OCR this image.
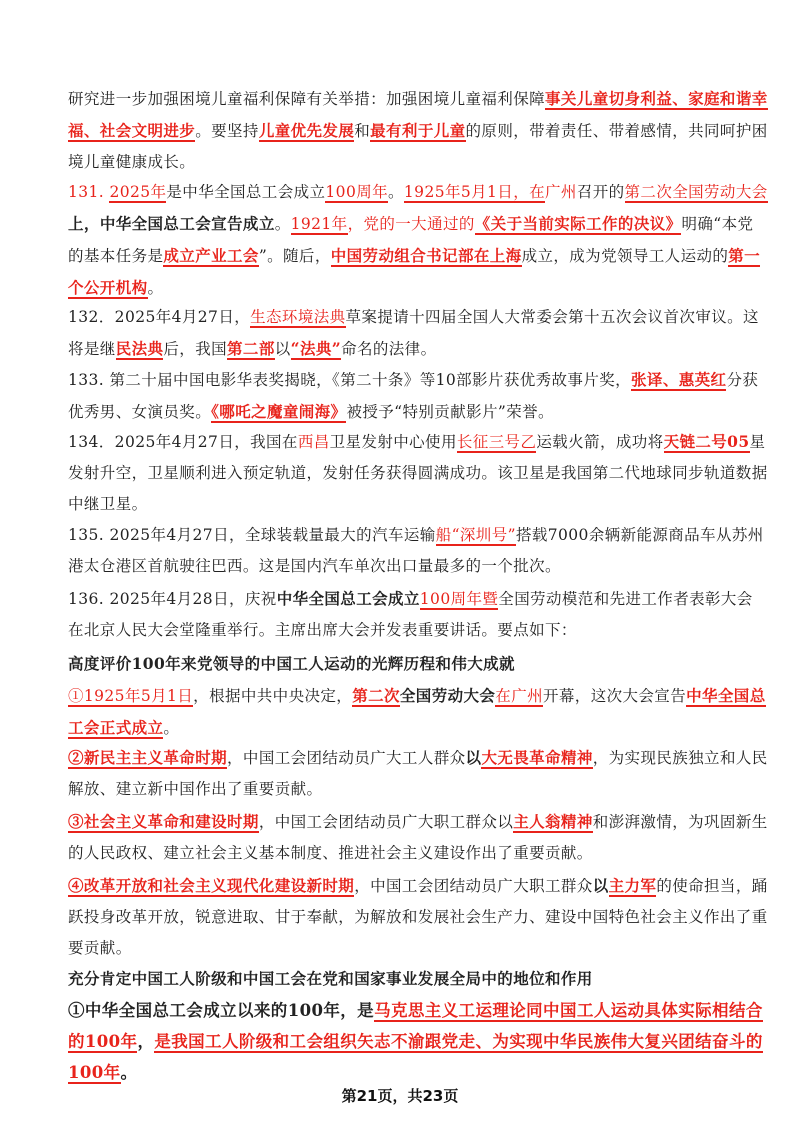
研究进一步加强困境儿童福利保障有关举措：加强困境儿童福利保障事关儿童切身利益、家庭和谐幸福、社会文明进步。要坚持儿童优先发展和最有利于儿童的原则，带着责任、带着感情，共同呵护困境儿童健康成长。

131. 2025年是中华全国总工会成立100周年。1925年5月1日，在广州召开的第二次全国劳动大会上，中华全国总工会宣告成立。1921年，党的一大通过的《关于当前实际工作的决议》明确“本党的基本任务是成立产业工会”。随后，中国劳动组合书记部在上海成立，成为党领导工人运动的第一个公开机构。

132．2025年4月27日，生态环境法典草案提请十四届全国人大常委会第十五次会议首次审议。这将是继民法典后，我国第二部以“法典”命名的法律。

133. 第二十届中国电影华表奖揭晓，《第二十条》等10部影片获优秀故事片奖，张译、惠英红分获优秀男、女演员奖。《哪吒之魔童闹海》被授予“特别贡献影片”荣誉。

134．2025年4月27日，我国在西昌卫星发射中心使用长征三号乙运载火箭，成功将天链二号05星发射升空，卫星顺利进入预定轨道，发射任务获得圆满成功。该卫星是我国第二代地球同步轨道数据中继卫星。

135. 2025年4月27日，全球装载量最大的汽车运输船“深圳号”搭载7000余辆新能源商品车从苏州港太仓港区首航驶往巴西。这是国内汽车单次出口量最多的一个批次。

136. 2025年4月28日，庆祝中华全国总工会成立100周年暨全国劳动模范和先进工作者表彰大会在北京人民大会堂隆重举行。主席出席大会并发表重要讲话。要点如下：

高度评价100年来党领导的中国工人运动的光辉历程和伟大成就

①1925年5月1日，根据中共中央决定，第二次全国劳动大会在广州开幕，这次大会宣告中华全国总工会正式成立。

②新民主主义革命时期，中国工会团结动员广大工人群众以大无畏革命精神，为实现民族独立和人民解放、建立新中国作出了重要贡献。

③社会主义革命和建设时期，中国工会团结动员广大职工群众以主人翁精神和澎湃激情，为巩固新生的人民政权、建立社会主义基本制度、推进社会主义建设作出了重要贡献。

④改革开放和社会主义现代化建设新时期，中国工会团结动员广大职工群众以主力军的使命担当，踊跃投身改革开放，锐意进取、甘于奉献，为解放和发展社会生产力、建设中国特色社会主义作出了重要贡献。

充分肯定中国工人阶级和中国工会在党和国家事业发展全局中的地位和作用

①中华全国总工会成立以来的100年，是马克思主义工运理论同中国工人运动具体实际相结合的100年，是我国工人阶级和工会组织矢志不渝跟党走、为实现中华民族伟大复兴团结奋斗的100年。

第21页，共23页
